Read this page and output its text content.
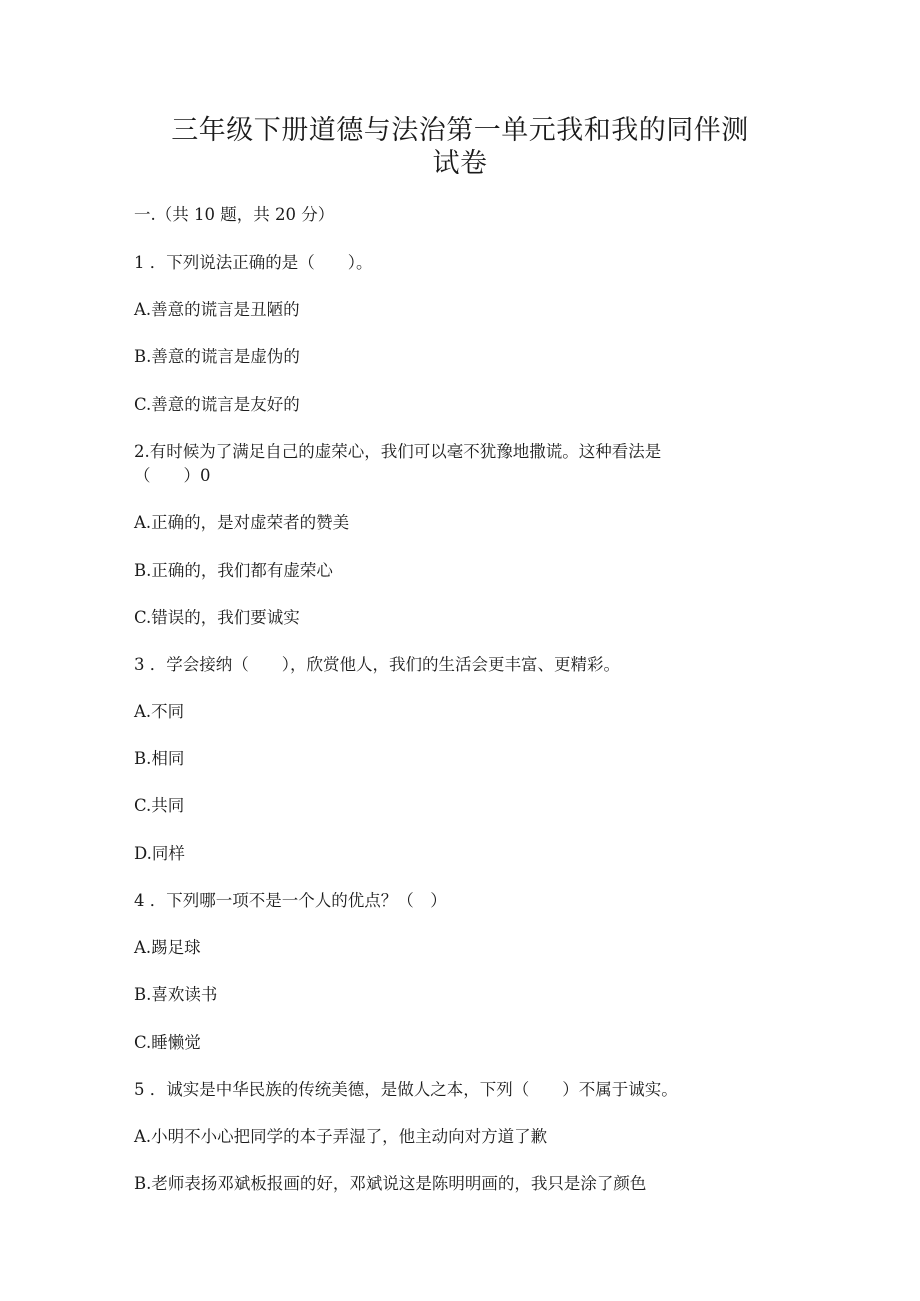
三年级下册道德与法治第一单元我和我的同伴测
试卷
一.（共 10 题，共 20 分）
1 ．下列说法正确的是（　　）。
A.善意的谎言是丑陋的
B.善意的谎言是虚伪的
C.善意的谎言是友好的
2.有时候为了满足自己的虚荣心，我们可以毫不犹豫地撒谎。这种看法是
（　　）0
A.正确的，是对虚荣者的赞美
B.正确的，我们都有虚荣心
C.错误的，我们要诚实
3 ．学会接纳（　　），欣赏他人，我们的生活会更丰富、更精彩。
A.不同
B.相同
C.共同
D.同样
4 ．下列哪一项不是一个人的优点？（　）
A.踢足球
B.喜欢读书
C.睡懒觉
5 ．诚实是中华民族的传统美德，是做人之本，下列（　　）不属于诚实。
A.小明不小心把同学的本子弄湿了，他主动向对方道了歉
B.老师表扬邓斌板报画的好，邓斌说这是陈明明画的，我只是涂了颜色
